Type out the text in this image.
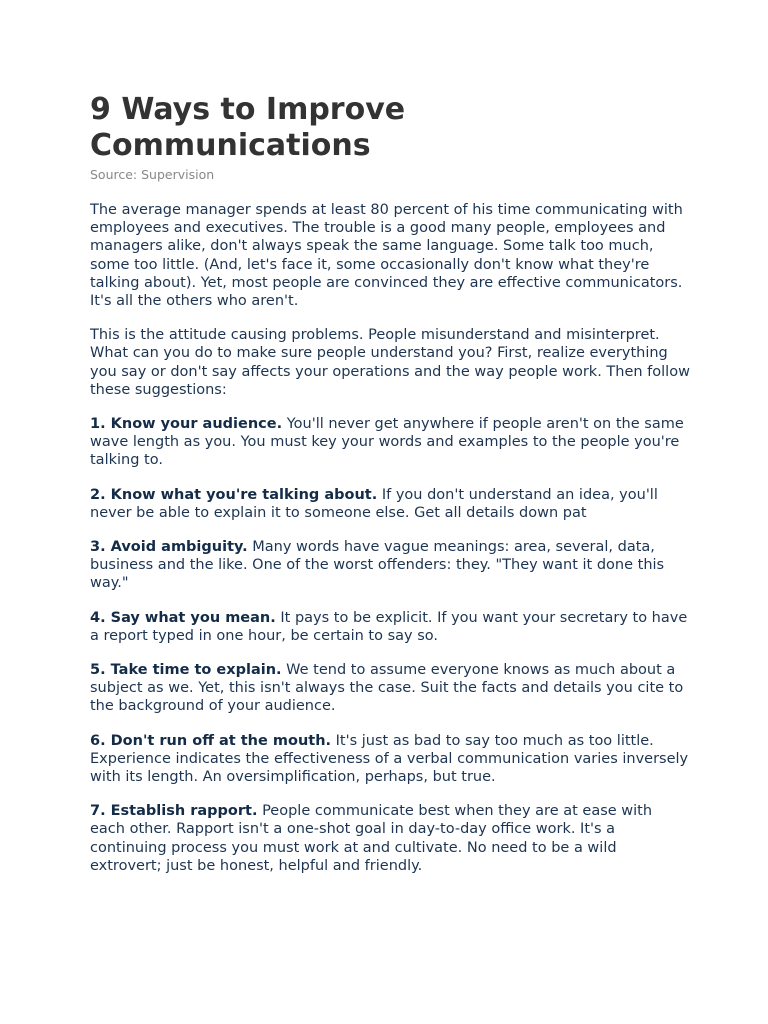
9 Ways to Improve Communications

Source: Supervision

The average manager spends at least 80 percent of his time communicating with employees and executives. The trouble is a good many people, employees and managers alike, don't always speak the same language. Some talk too much, some too little. (And, let's face it, some occasionally don't know what they're talking about). Yet, most people are convinced they are effective communicators. It's all the others who aren't.

This is the attitude causing problems. People misunderstand and misinterpret. What can you do to make sure people understand you? First, realize everything you say or don't say affects your operations and the way people work. Then follow these suggestions:

1. Know your audience. You'll never get anywhere if people aren't on the same wave length as you. You must key your words and examples to the people you're talking to.

2. Know what you're talking about. If you don't understand an idea, you'll never be able to explain it to someone else. Get all details down pat

3. Avoid ambiguity. Many words have vague meanings: area, several, data, business and the like. One of the worst offenders: they. "They want it done this way."

4. Say what you mean. It pays to be explicit. If you want your secretary to have a report typed in one hour, be certain to say so.

5. Take time to explain. We tend to assume everyone knows as much about a subject as we. Yet, this isn't always the case. Suit the facts and details you cite to the background of your audience.

6. Don't run off at the mouth. It's just as bad to say too much as too little. Experience indicates the effectiveness of a verbal communication varies inversely with its length. An oversimplification, perhaps, but true.

7. Establish rapport. People communicate best when they are at ease with each other. Rapport isn't a one-shot goal in day-to-day office work. It's a continuing process you must work at and cultivate. No need to be a wild extrovert; just be honest, helpful and friendly.
